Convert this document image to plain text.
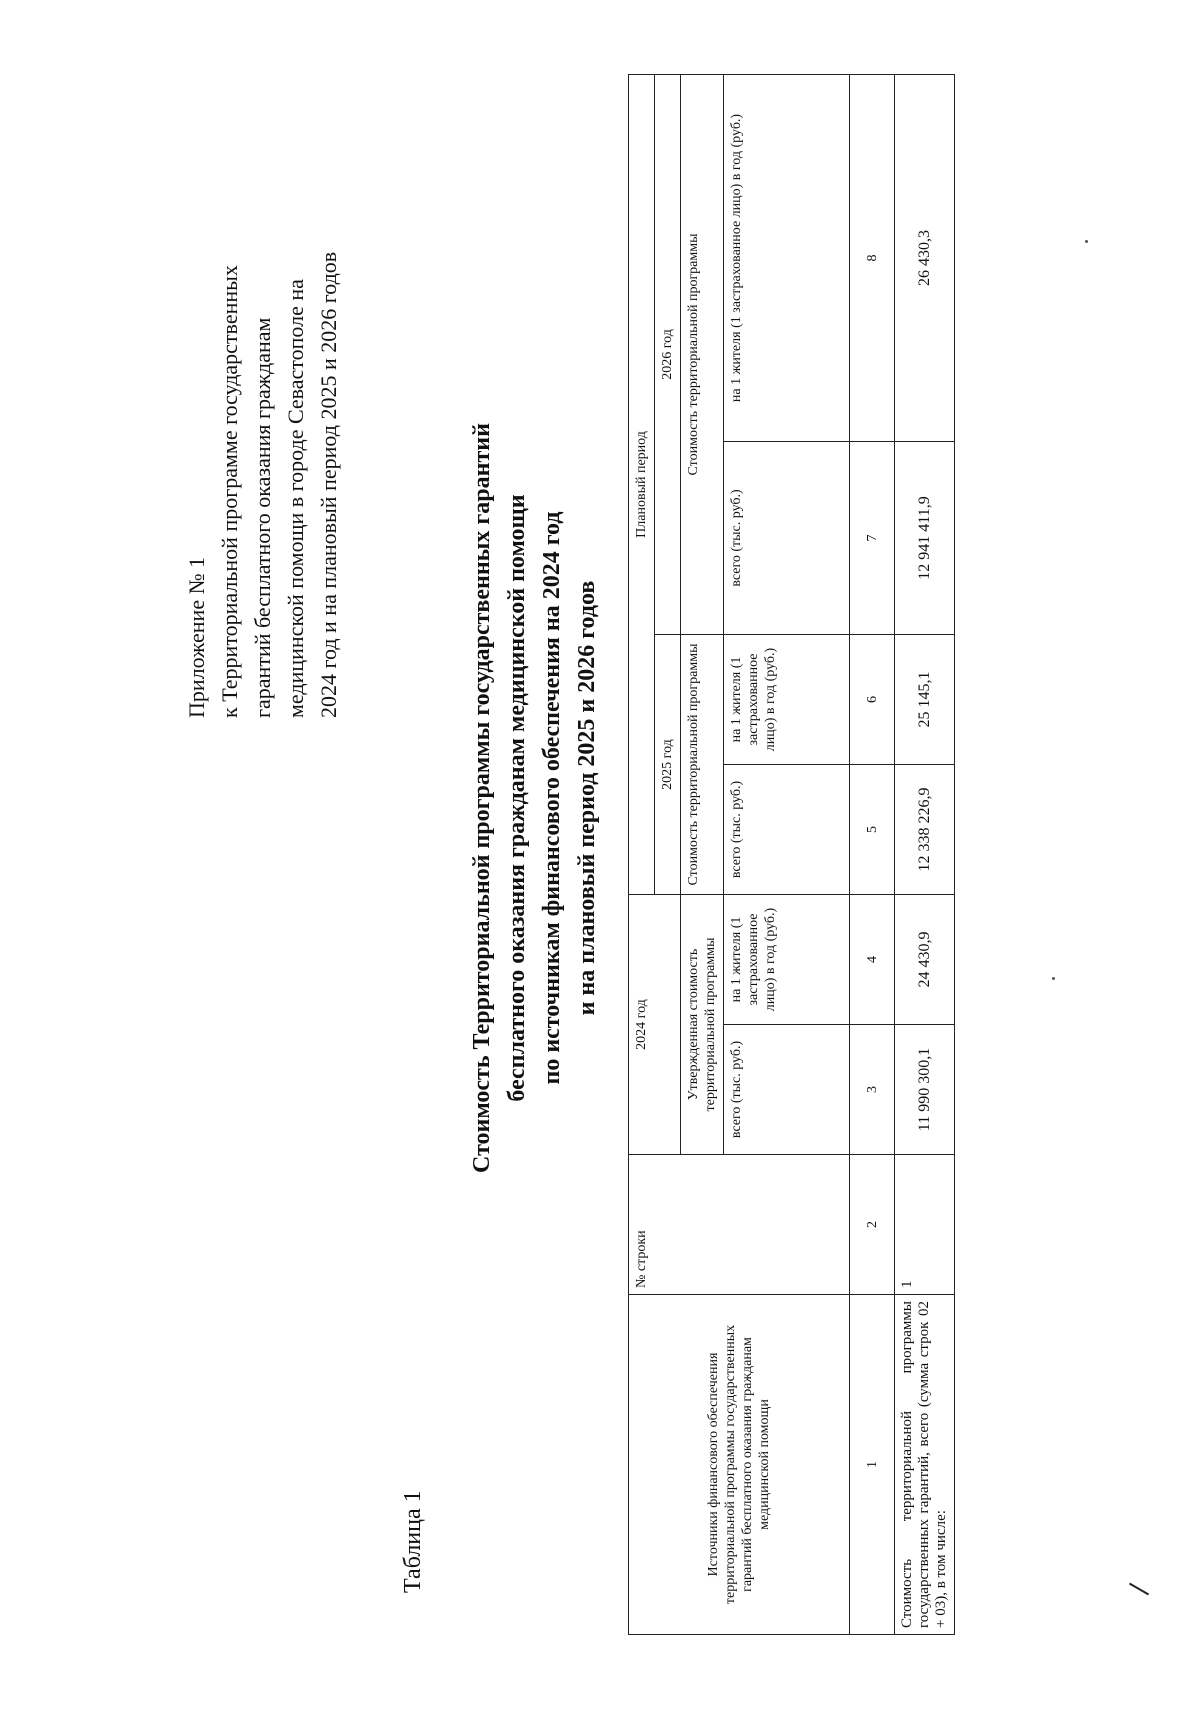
Приложение № 1 к Территориальной программе государственных гарантий бесплатного оказания гражданам медицинской помощи в городе Севастополе на 2024 год и на плановый период 2025 и 2026 годов
Таблица 1
Стоимость Территориальной программы государственных гарантий бесплатного оказания гражданам медицинской помощи по источникам финансового обеспечения на 2024 год и на плановый период 2025 и 2026 годов
Источники финансового обеспечения территориальной программы государственных гарантий бесплатного оказания гражданам медицинской помощи	№ строки	2024 год		Плановый период			
				2025 год		2026 год	
		Утвержденная стоимость территориальной программы		Стоимость территориальной программы		Стоимость территориальной программы	
		всего (тыс. руб.)	на 1 жителя (1 застрахованное лицо) в год (руб.)	всего (тыс. руб.)	на 1 жителя (1 застрахованное лицо) в год (руб.)	всего (тыс. руб.)	на 1 жителя (1 застрахованное лицо) в год (руб.)
1	2	3	4	5	6	7	8
Стоимость территориальной программы государственных гарантий, всего (сумма строк 02 + 03), в том числе:	1	11 990 300,1	24 430,9	12 338 226,9	25 145,1	12 941 411,9	26 430,3
